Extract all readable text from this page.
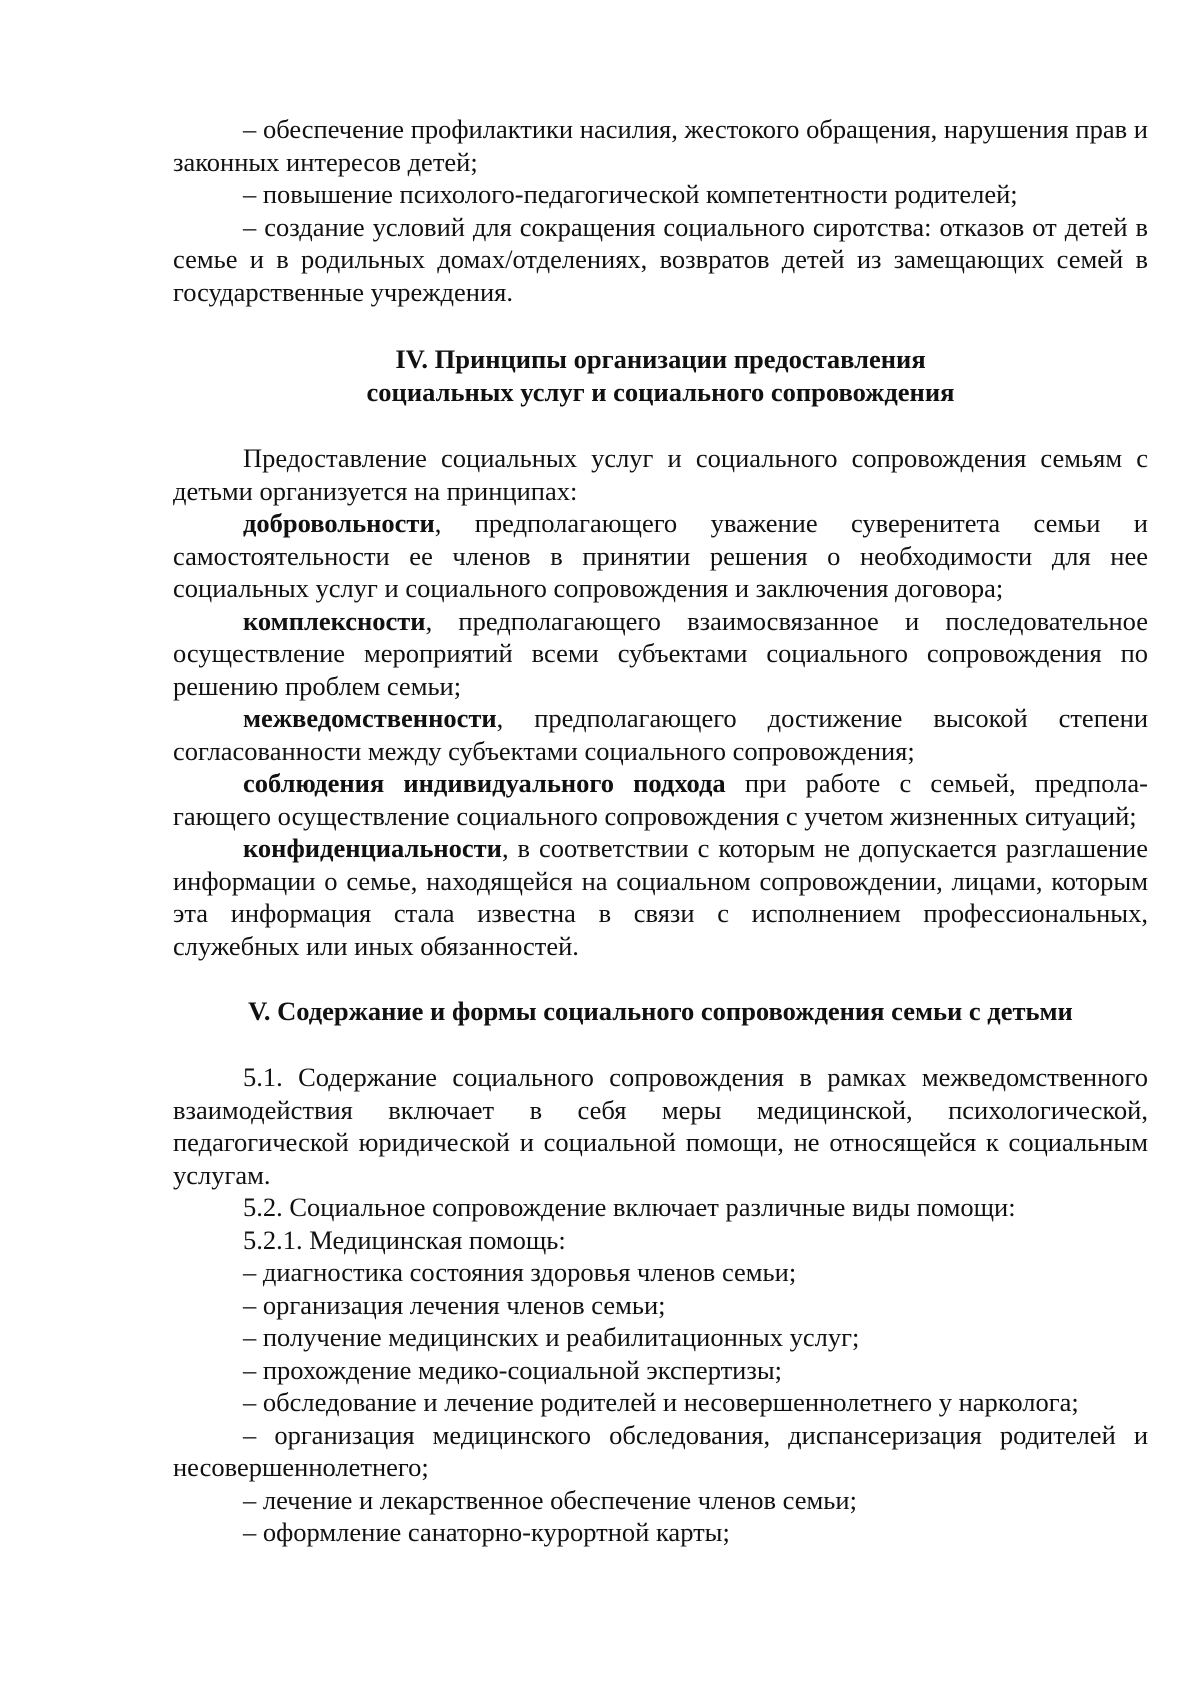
– обеспечение профилактики насилия, жестокого обращения, нарушения прав и законных интересов детей;

– повышение психолого-педагогической компетентности родителей;

– создание условий для сокращения социального сиротства: отказов от детей в семье и в родильных домах/отделениях, возвратов детей из замещающих семей в государственные учреждения.

IV. Принципы организации предоставления
социальных услуг и социального сопровождения

Предоставление социальных услуг и социального сопровождения семьям с детьми организуется на принципах:

добровольности, предполагающего уважение суверенитета семьи и самостоятельности ее членов в принятии решения о необходимости для нее социальных услуг и социального сопровождения и заключения договора;

комплексности, предполагающего взаимосвязанное и последовательное осуществление мероприятий всеми субъектами социального сопровождения по решению проблем семьи;

межведомственности, предполагающего достижение высокой степени согласованности между субъектами социального сопровождения;

соблюдения индивидуального подхода при работе с семьей, предполагающего осуществление социального сопровождения с учетом жизненных ситуаций;

конфиденциальности, в соответствии с которым не допускается разглашение информации о семье, находящейся на социальном сопровождении, лицами, которым эта информация стала известна в связи с исполнением профессиональных, служебных или иных обязанностей.

V. Содержание и формы социального сопровождения семьи с детьми

5.1. Содержание социального сопровождения в рамках межведомственного взаимодействия включает в себя меры медицинской, психологической, педагогической юридической и социальной помощи, не относящейся к социальным услугам.

5.2. Социальное сопровождение включает различные виды помощи:

5.2.1. Медицинская помощь:

– диагностика состояния здоровья членов семьи;

– организация лечения членов семьи;

– получение медицинских и реабилитационных услуг;

– прохождение медико-социальной экспертизы;

– обследование и лечение родителей и несовершеннолетнего у нарколога;

– организация медицинского обследования, диспансеризация родителей и несовершеннолетнего;

– лечение и лекарственное обеспечение членов семьи;

– оформление санаторно-курортной карты;
